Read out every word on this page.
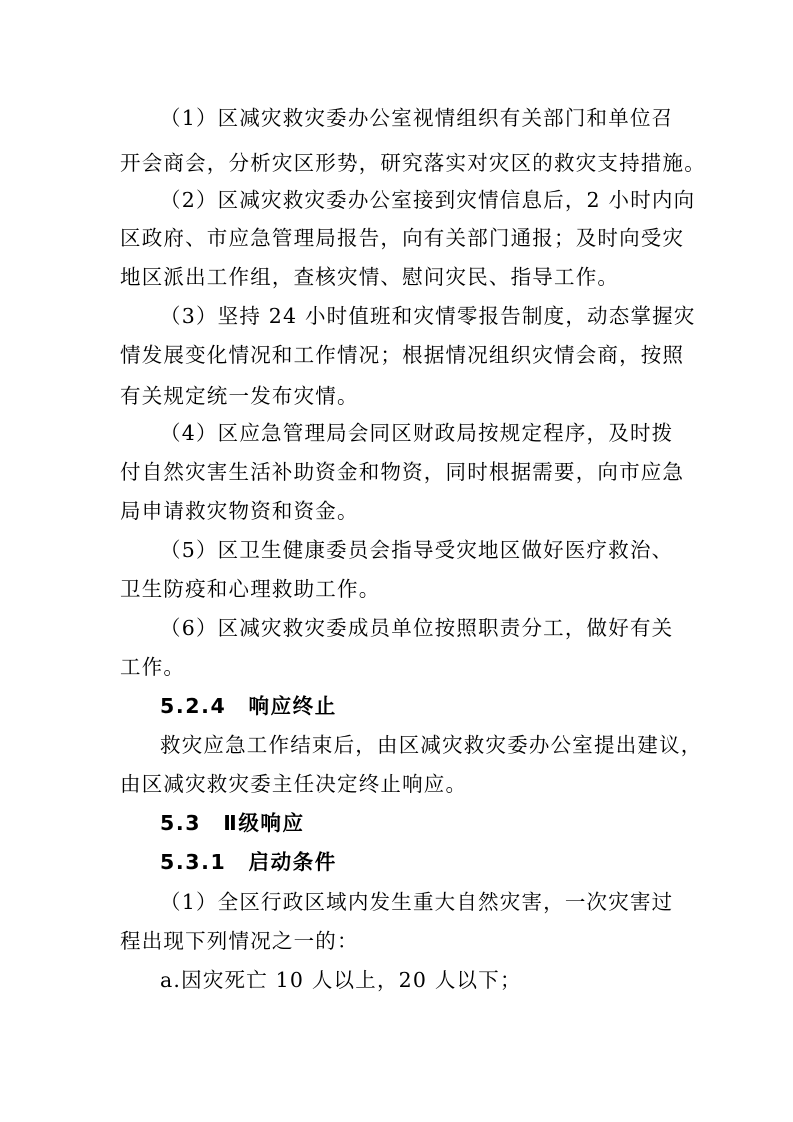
（1）区减灾救灾委办公室视情组织有关部门和单位召
开会商会，分析灾区形势，研究落实对灾区的救灾支持措施。
（2）区减灾救灾委办公室接到灾情信息后，2 小时内向
区政府、市应急管理局报告，向有关部门通报；及时向受灾
地区派出工作组，查核灾情、慰问灾民、指导工作。
（3）坚持 24 小时值班和灾情零报告制度，动态掌握灾
情发展变化情况和工作情况；根据情况组织灾情会商，按照
有关规定统一发布灾情。
（4）区应急管理局会同区财政局按规定程序，及时拨
付自然灾害生活补助资金和物资，同时根据需要，向市应急
局申请救灾物资和资金。
（5）区卫生健康委员会指导受灾地区做好医疗救治、
卫生防疫和心理救助工作。
（6）区减灾救灾委成员单位按照职责分工，做好有关
工作。
5.2.4　响应终止
救灾应急工作结束后，由区减灾救灾委办公室提出建议，
由区减灾救灾委主任决定终止响应。
5.3　Ⅱ级响应
5.3.1　启动条件
（1）全区行政区域内发生重大自然灾害，一次灾害过
程出现下列情况之一的：
a.因灾死亡 10 人以上，20 人以下；
